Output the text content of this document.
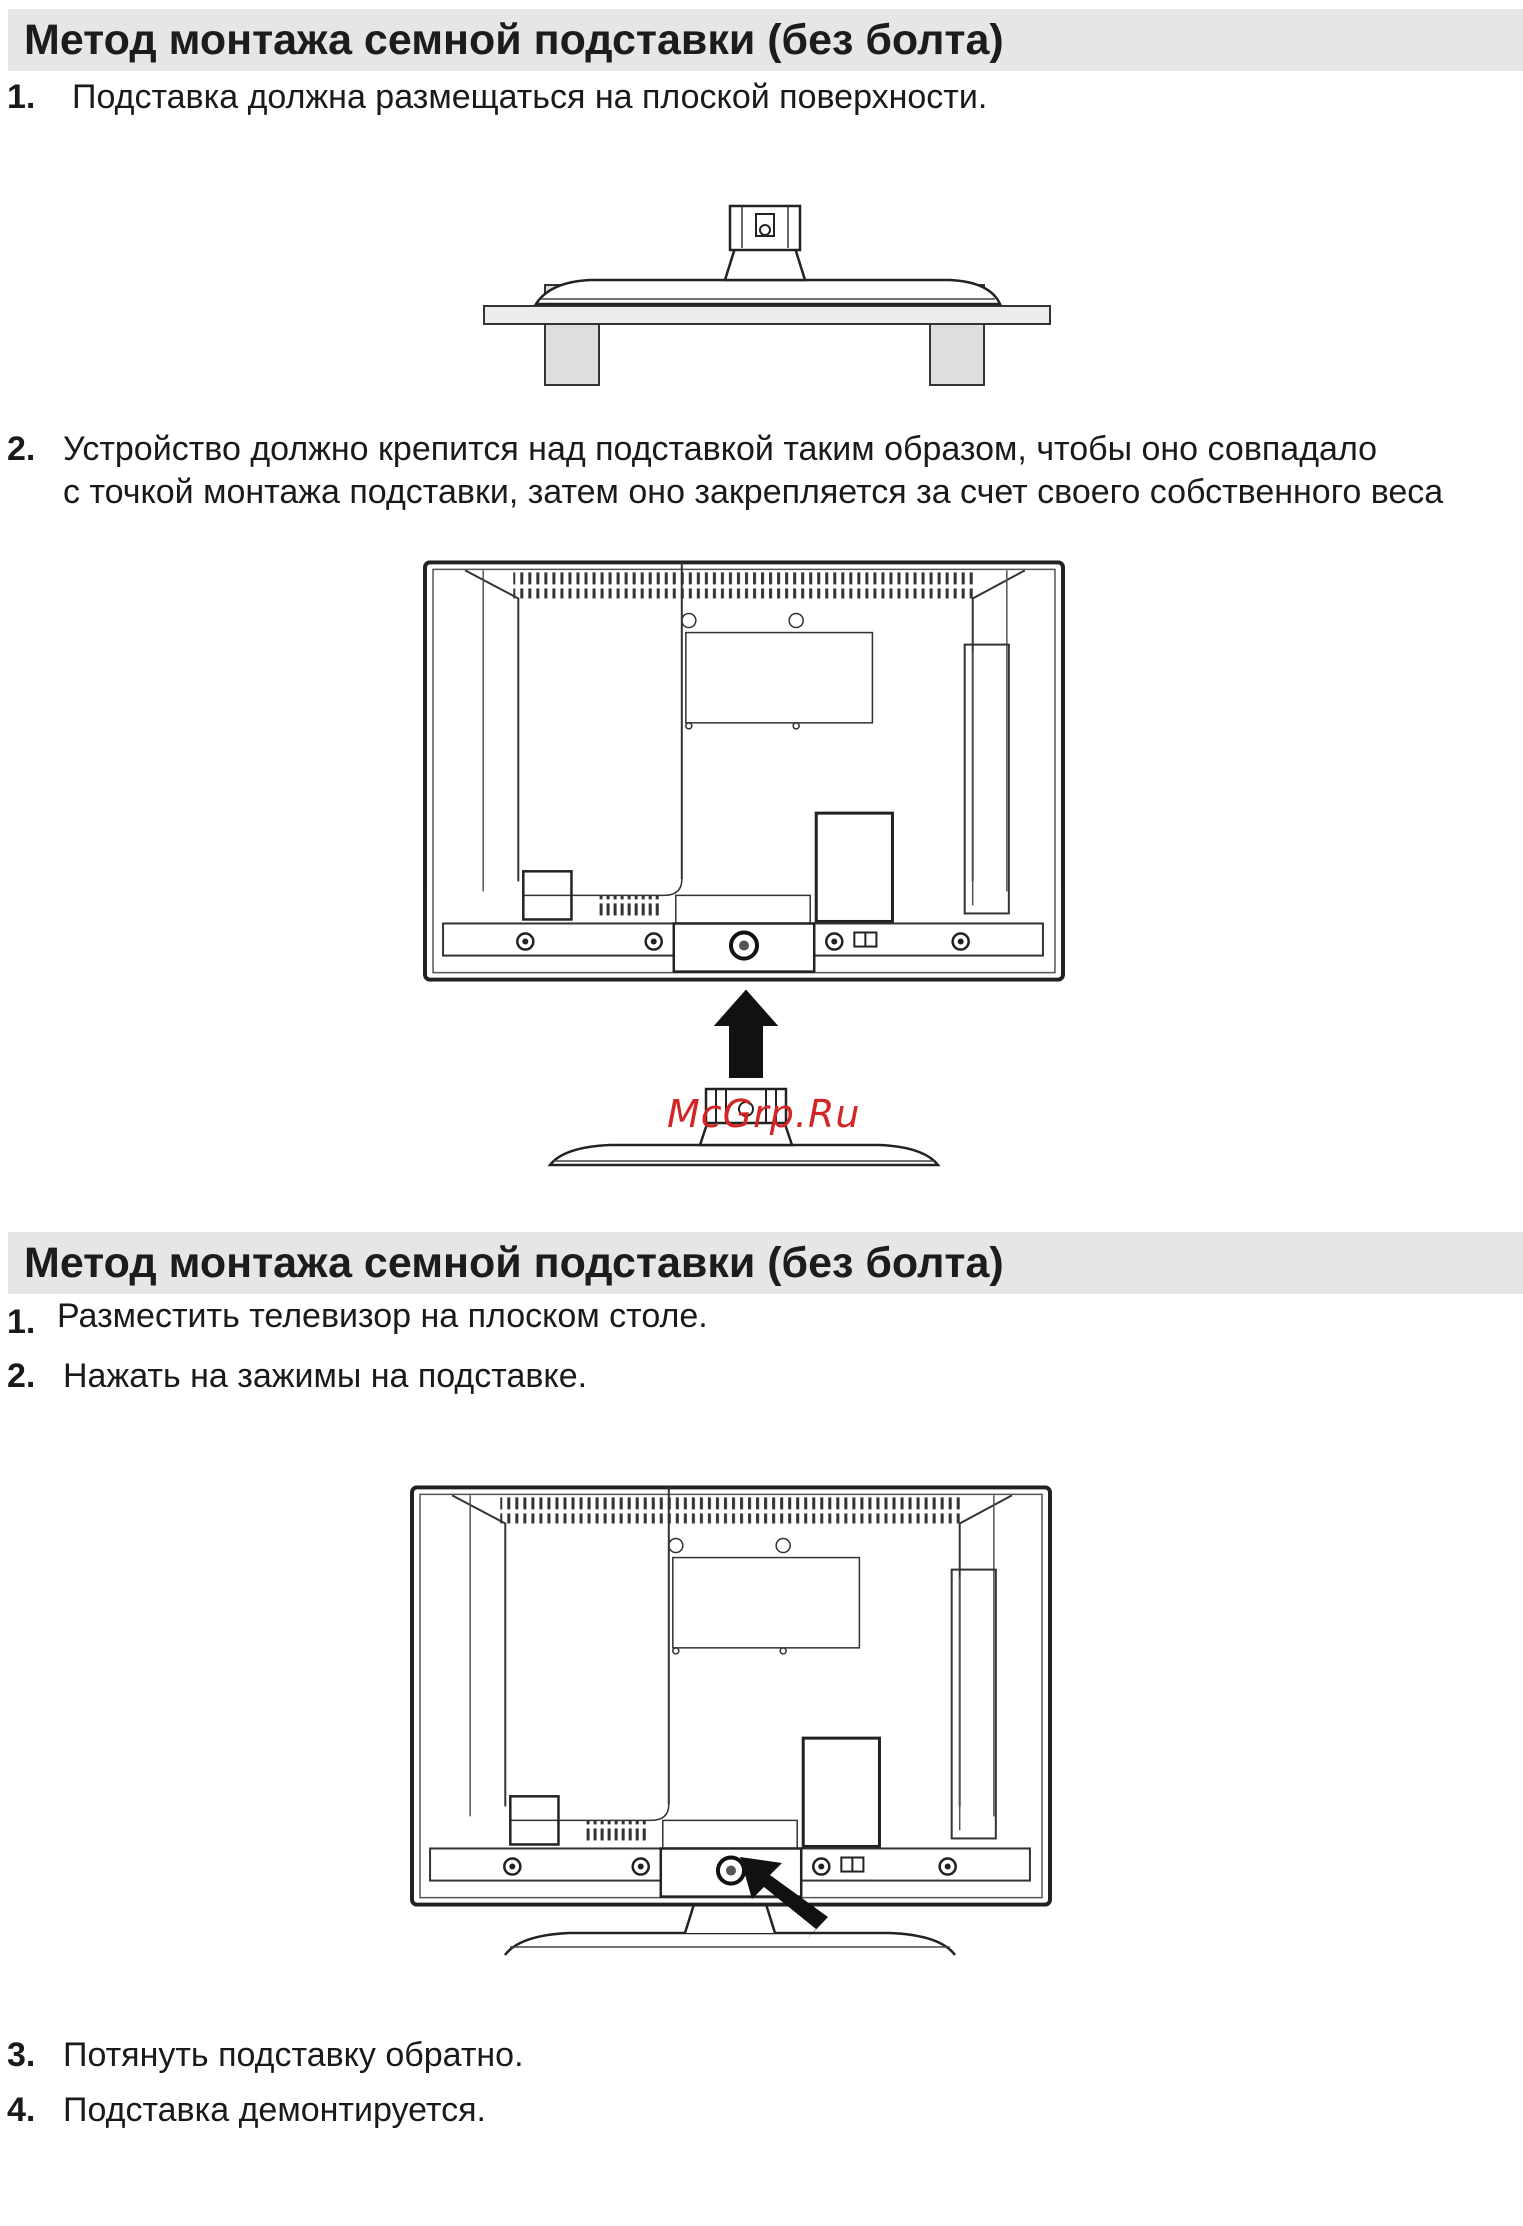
Метод монтажа семной подставки (без болта)
1. Подставка должна размещаться на плоской поверхности.
2. Устройство должно крепится над подставкой таким образом, чтобы оно совпадало
с точкой монтажа подставки, затем оно закрепляется за счет своего собственного веса
McGrp.Ru
Метод монтажа семной подставки (без болта)
1. Разместить телевизор на плоском столе.
2. Нажать на зажимы на подставке.
3. Потянуть подставку обратно.
4. Подставка демонтируется.
